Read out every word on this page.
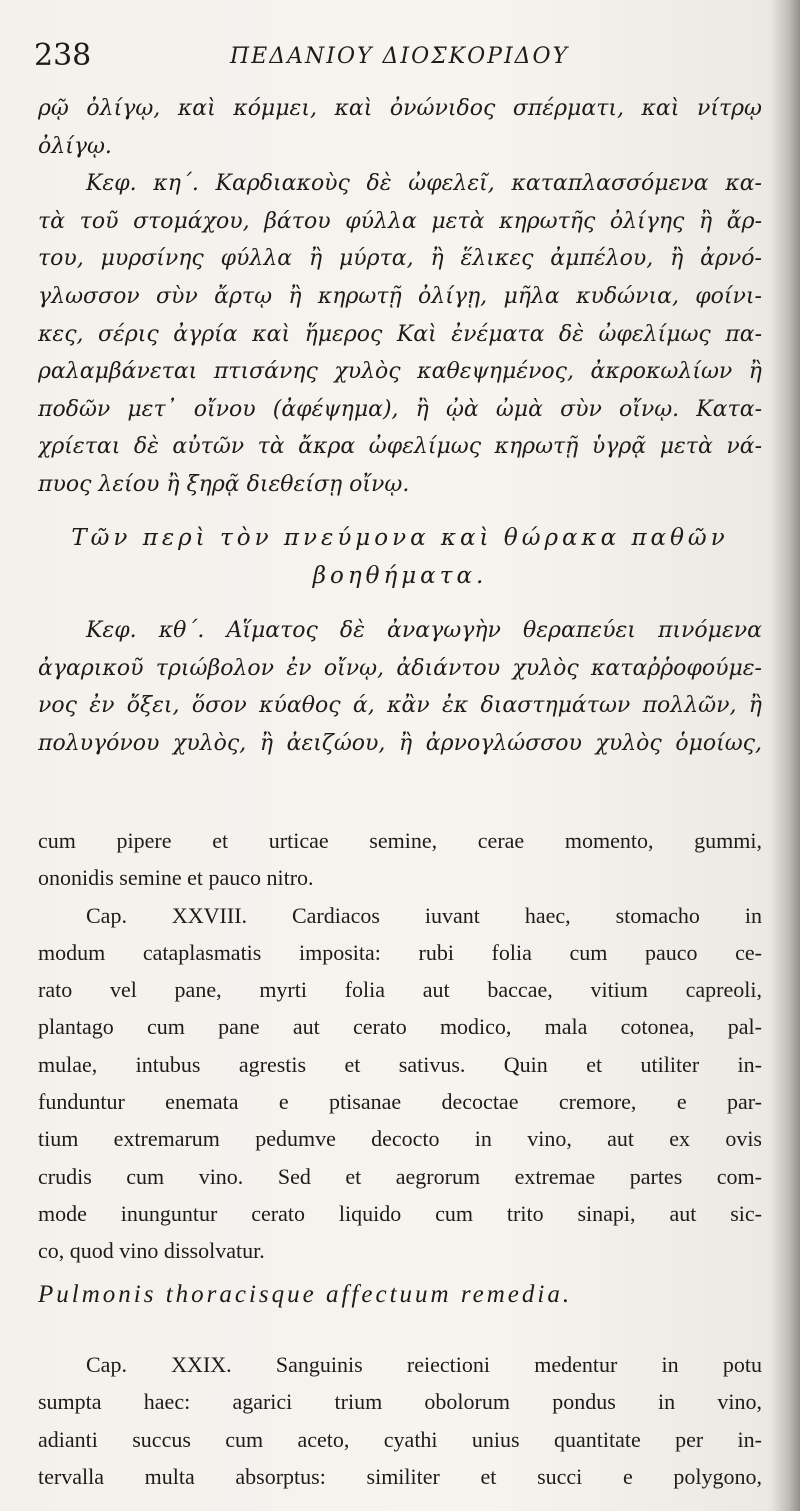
238	ΠΕΔΑΝΙΟΥ ΔΙΟΣΚΟΡΙΔΟΥ
ρῷ ὀλίγῳ, καὶ κόμμει, καὶ ὀνώνιδος σπέρματι, καὶ νίτρῳ
ὀλίγῳ.
Κεφ. κη΄. Καρδιακοὺς δὲ ὠφελεῖ, καταπλασσόμενα κα-
τὰ τοῦ στομάχου, βάτου φύλλα μετὰ κηρωτῆς ὀλίγης ἢ ἄρ-
του, μυρσίνης φύλλα ἢ μύρτα, ἢ ἕλικες ἀμπέλου, ἢ ἀρνό-
γλωσσον σὺν ἄρτῳ ἢ κηρωτῇ ὀλίγῃ, μῆλα κυδώνια, φοίνι-
κες, σέρις ἀγρία καὶ ἥμερος Καὶ ἐνέματα δὲ ὠφελίμως πα-
ραλαμβάνεται πτισάνης χυλὸς καθεψημένος, ἀκροκωλίων ἢ
ποδῶν μετ᾽ οἴνου (ἀφέψημα), ἢ ᾠὰ ὠμὰ σὺν οἴνῳ. Κατα-
χρίεται δὲ αὐτῶν τὰ ἄκρα ὠφελίμως κηρωτῇ ὑγρᾷ μετὰ νά-
πυος λείου ἢ ξηρᾷ διεθείσῃ οἴνῳ.
Τῶν περὶ τὸν πνεύμονα καὶ θώρακα παθῶν
βοηθήματα.
Κεφ. κθ΄. Αἵματος δὲ ἀναγωγὴν θεραπεύει πινόμενα
ἀγαρικοῦ τριώβολον ἐν οἴνῳ, ἀδιάντου χυλὸς καταῤῥοφούμε-
νος ἐν ὄξει, ὅσον κύαθος ά, κἂν ἐκ διαστημάτων πολλῶν, ἢ
πολυγόνου χυλὸς, ἢ ἀειζώου, ἢ ἀρνογλώσσου χυλὸς ὁμοίως,
cum pipere et urticae semine, cerae momento, gummi,
ononidis semine et pauco nitro.
Cap. XXVIII. Cardiacos iuvant haec, stomacho in
modum cataplasmatis imposita: rubi folia cum pauco ce-
rato vel pane, myrti folia aut baccae, vitium capreoli,
plantago cum pane aut cerato modico, mala cotonea, pal-
mulae, intubus agrestis et sativus. Quin et utiliter in-
funduntur enemata e ptisanae decoctae cremore, e par-
tium extremarum pedumve decocto in vino, aut ex ovis
crudis cum vino. Sed et aegrorum extremae partes com-
mode inunguntur cerato liquido cum trito sinapi, aut sic-
co, quod vino dissolvatur.
Pulmonis thoracisque affectuum remedia.
Cap. XXIX. Sanguinis reiectioni medentur in potu
sumpta haec: agarici trium obolorum pondus in vino,
adianti succus cum aceto, cyathi unius quantitate per in-
tervalla multa absorptus: similiter et succi e polygono,
